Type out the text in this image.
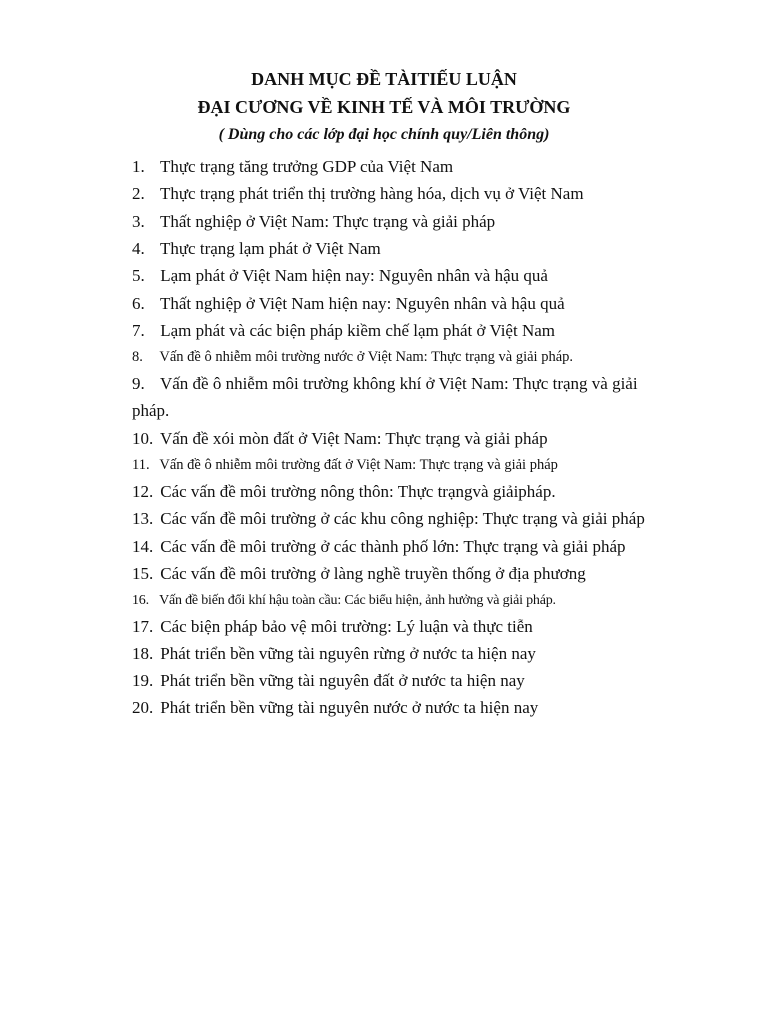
DANH MỤC ĐỀ TÀITIẾU LUẬN
ĐẠI CƯƠNG VỀ KINH TẾ VÀ MÔI TRƯỜNG

( Dùng cho các lớp đại học chính quy/Liên thông)

1. Thực trạng tăng trưởng GDP của Việt Nam
2. Thực trạng phát triển thị trường hàng hóa, dịch vụ ở Việt Nam
3. Thất nghiệp ở Việt Nam: Thực trạng và giải pháp
4. Thực trạng lạm phát ở Việt Nam
5. Lạm phát ở Việt Nam hiện nay: Nguyên nhân và hậu quả
6. Thất nghiệp ở Việt Nam hiện nay: Nguyên nhân và hậu quả
7. Lạm phát và các biện pháp kiềm chế lạm phát ở Việt Nam
8. Vấn đề ô nhiễm môi trường nước ở Việt Nam: Thực trạng và giải pháp.
9. Vấn đề ô nhiễm môi trường không khí ở Việt Nam: Thực trạng và giải pháp.
10. Vấn đề xói mòn đất ở Việt Nam: Thực trạng và giải pháp
11. Vấn đề ô nhiễm môi trường đất ở Việt Nam: Thực trạng và giải pháp
12. Các vấn đề môi trường nông thôn: Thực trạngvà giảipháp.
13. Các vấn đề môi trường ở các khu công nghiệp: Thực trạng và giải pháp
14. Các vấn đề môi trường ở các thành phố lớn: Thực trạng và giải pháp
15. Các vấn đề môi trường ở làng nghề truyền thống ở địa phương
16. Vấn đề biến đổi khí hậu toàn cầu: Các biểu hiện, ảnh hưởng và giải pháp.
17. Các biện pháp bảo vệ môi trường: Lý luận và thực tiễn
18. Phát triển bền vững tài nguyên rừng ở nước ta hiện nay
19. Phát triển bền vững tài nguyên đất ở nước ta hiện nay
20. Phát triển bền vững tài nguyên nước ở nước ta hiện nay
